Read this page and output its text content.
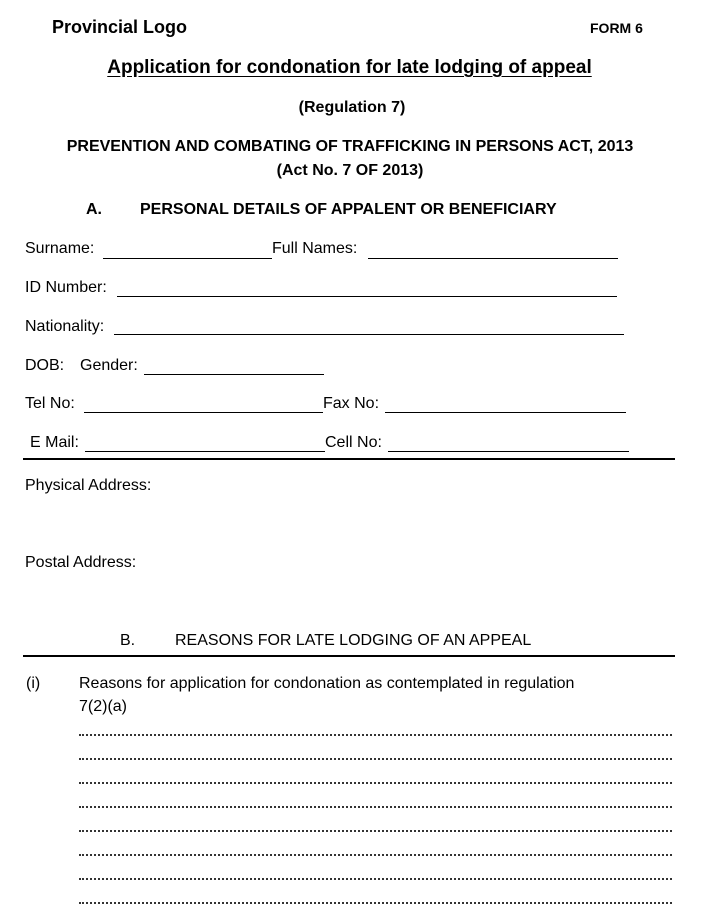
Provincial Logo	FORM 6
Application for condonation for late lodging of appeal
(Regulation 7)
PREVENTION AND COMBATING OF TRAFFICKING IN PERSONS ACT, 2013
(Act No. 7 OF 2013)
A. PERSONAL DETAILS OF APPALENT OR BENEFICIARY
Surname:	Full Names:
ID Number:
Nationality:
DOB: Gender:
Tel No:	Fax No:
E Mail:	Cell No:
Physical Address:
Postal Address:
B. REASONS FOR LATE LODGING OF AN APPEAL
(i) Reasons for application for condonation as contemplated in regulation
7(2)(a)
